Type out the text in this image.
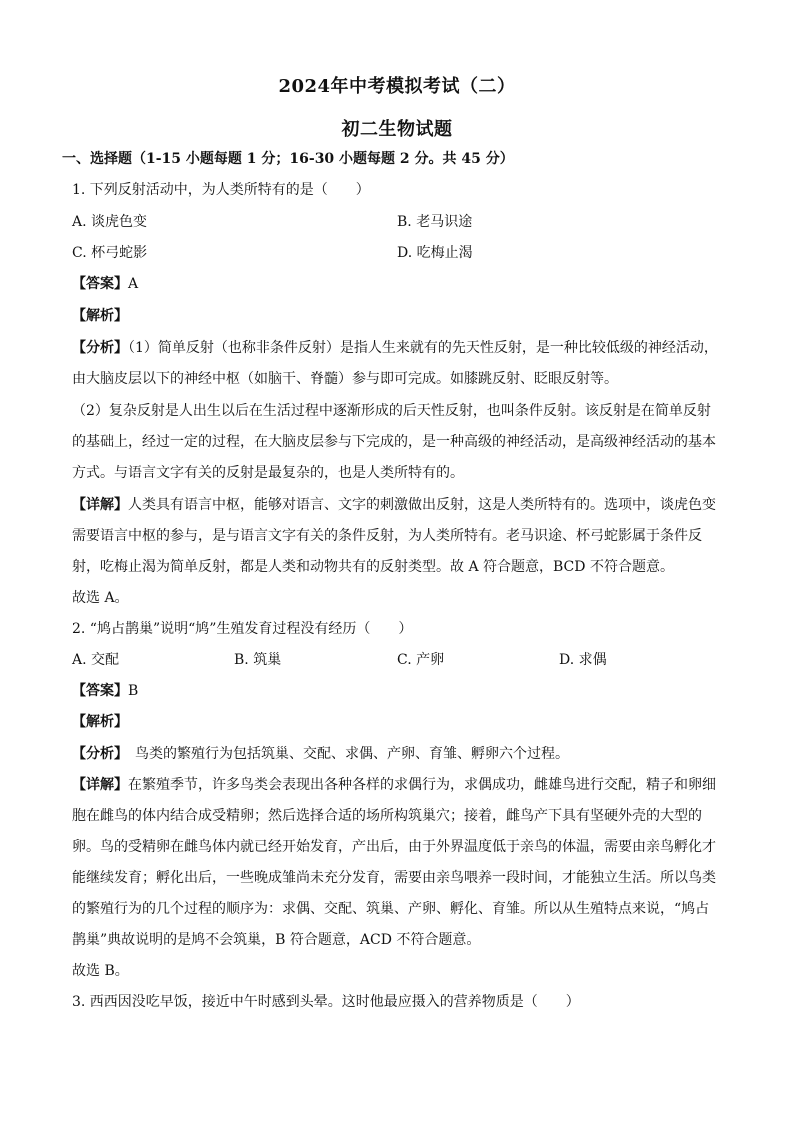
2024年中考模拟考试（二）
初二生物试题
一、选择题（1-15 小题每题 1 分；16-30 小题每题 2 分。共 45 分）
1. 下列反射活动中，为人类所特有的是（　　）
A. 谈虎色变	B. 老马识途
C. 杯弓蛇影	D. 吃梅止渴
【答案】A
【解析】
【分析】（1）简单反射（也称非条件反射）是指人生来就有的先天性反射，是一种比较低级的神经活动，
由大脑皮层以下的神经中枢（如脑干、脊髓）参与即可完成。如膝跳反射、眨眼反射等。
（2）复杂反射是人出生以后在生活过程中逐渐形成的后天性反射，也叫条件反射。该反射是在简单反射
的基础上，经过一定的过程，在大脑皮层参与下完成的，是一种高级的神经活动，是高级神经活动的基本
方式。与语言文字有关的反射是最复杂的，也是人类所特有的。
【详解】人类具有语言中枢，能够对语言、文字的刺激做出反射，这是人类所特有的。选项中，谈虎色变
需要语言中枢的参与，是与语言文字有关的条件反射，为人类所特有。老马识途、杯弓蛇影属于条件反
射，吃梅止渴为简单反射，都是人类和动物共有的反射类型。故 A 符合题意，BCD 不符合题意。
故选 A。
2. “鸠占鹊巢”说明“鸠”生殖发育过程没有经历（　　）
A. 交配	B. 筑巢	C. 产卵	D. 求偶
【答案】B
【解析】
【分析】　鸟类的繁殖行为包括筑巢、交配、求偶、产卵、育雏、孵卵六个过程。
【详解】在繁殖季节，许多鸟类会表现出各种各样的求偶行为，求偶成功，雌雄鸟进行交配，精子和卵细
胞在雌鸟的体内结合成受精卵；然后选择合适的场所构筑巢穴；接着，雌鸟产下具有坚硬外壳的大型的
卵。鸟的受精卵在雌鸟体内就已经开始发育，产出后，由于外界温度低于亲鸟的体温，需要由亲鸟孵化才
能继续发育；孵化出后，一些晚成雏尚未充分发育，需要由亲鸟喂养一段时间，才能独立生活。所以鸟类
的繁殖行为的几个过程的顺序为：求偶、交配、筑巢、产卵、孵化、育雏。所以从生殖特点来说，“鸠占
鹊巢”典故说明的是鸠不会筑巢，B 符合题意，ACD 不符合题意。
故选 B。
3. 西西因没吃早饭，接近中午时感到头晕。这时他最应摄入的营养物质是（　　）
